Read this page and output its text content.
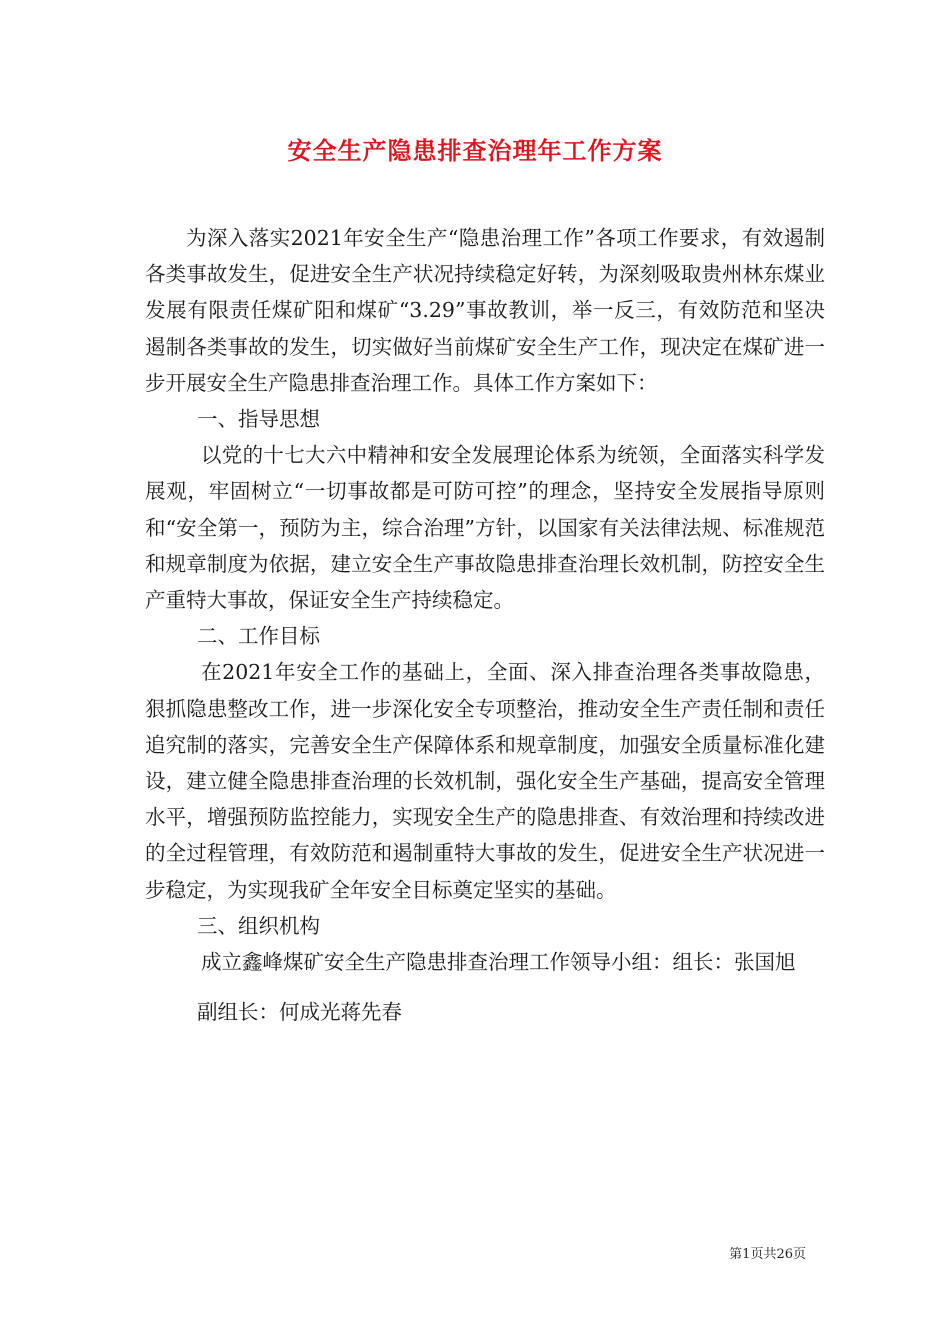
安全生产隐患排查治理年工作方案

为深入落实2021年安全生产“隐患治理工作”各项工作要求，有效遏制各类事故发生，促进安全生产状况持续稳定好转，为深刻吸取贵州林东煤业发展有限责任煤矿阳和煤矿“3.29”事故教训，举一反三，有效防范和坚决遏制各类事故的发生，切实做好当前煤矿安全生产工作，现决定在煤矿进一步开展安全生产隐患排查治理工作。具体工作方案如下：

一、指导思想

以党的十七大六中精神和安全发展理论体系为统领，全面落实科学发展观，牢固树立“一切事故都是可防可控”的理念，坚持安全发展指导原则和“安全第一，预防为主，综合治理”方针，以国家有关法律法规、标准规范和规章制度为依据，建立安全生产事故隐患排查治理长效机制，防控安全生产重特大事故，保证安全生产持续稳定。

二、工作目标

在2021年安全工作的基础上，全面、深入排查治理各类事故隐患，狠抓隐患整改工作，进一步深化安全专项整治，推动安全生产责任制和责任追究制的落实，完善安全生产保障体系和规章制度，加强安全质量标准化建设，建立健全隐患排查治理的长效机制，强化安全生产基础，提高安全管理水平，增强预防监控能力，实现安全生产的隐患排查、有效治理和持续改进的全过程管理，有效防范和遏制重特大事故的发生，促进安全生产状况进一步稳定，为实现我矿全年安全目标奠定坚实的基础。

三、组织机构

成立鑫峰煤矿安全生产隐患排查治理工作领导小组：组长：张国旭

副组长：何成光蒋先春

第1页共26页
